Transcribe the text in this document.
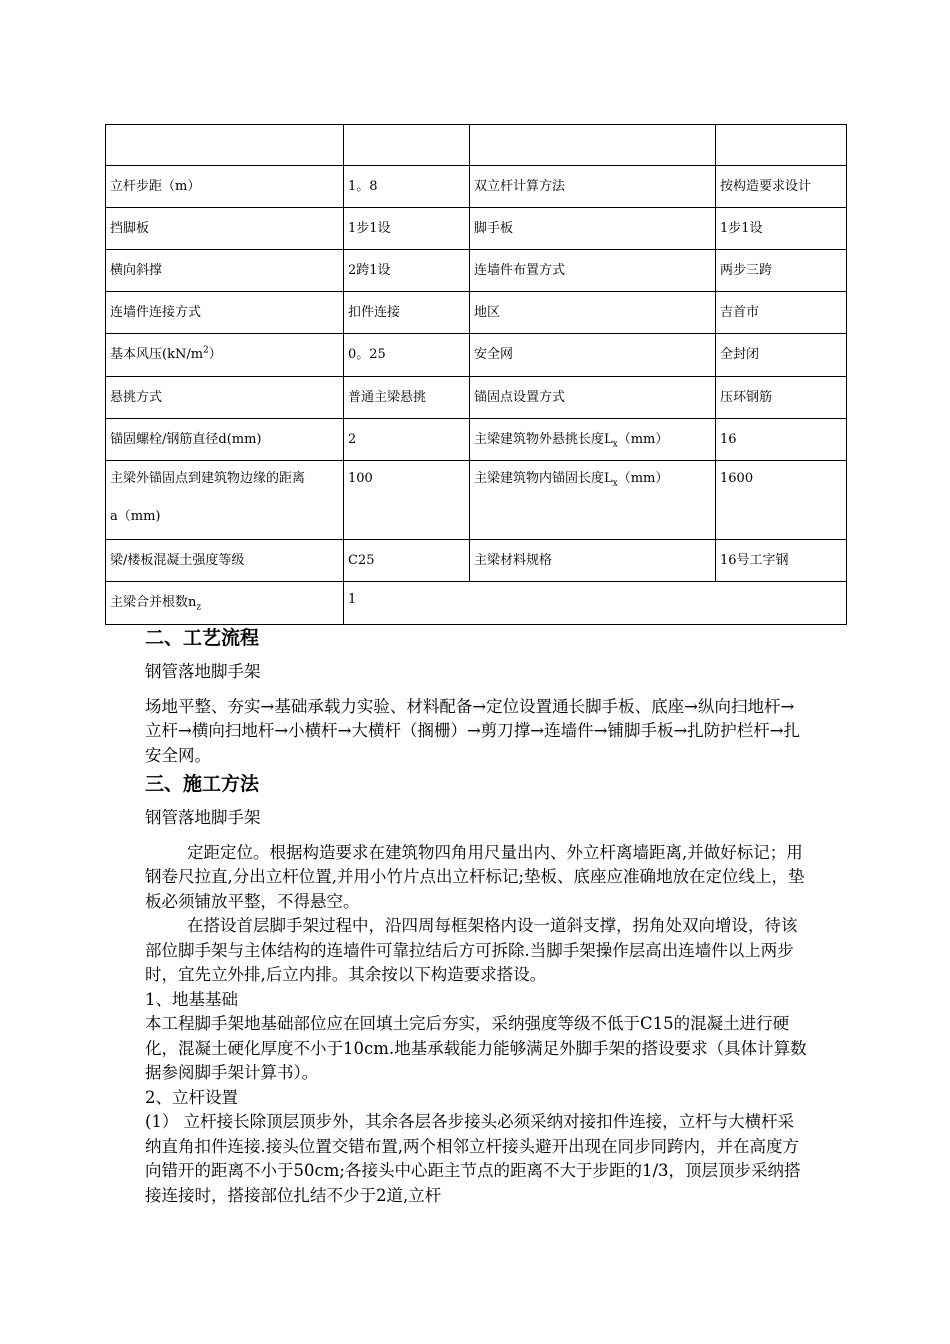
立杆步距（m）	1。8	双立杆计算方法	按构造要求设计
挡脚板	1步1设	脚手板	1步1设
横向斜撑	2跨1设	连墙件布置方式	两步三跨
连墙件连接方式	扣件连接	地区	吉首市
基本风压$(kN/m^2)$	0。25	安全网	全封闭
悬挑方式	普通主梁悬挑	锚固点设置方式	压环钢筋
锚固螺栓/钢筋直径d(mm)	2	主梁建筑物外悬挑长度$L_x(mm)$	16

主梁外锚固点到建筑物边缘的距离
a（mm)	100	主梁建筑物内锚固长度$L_x(mm)$	1600
梁/楼板混凝土强度等级	C25	主梁材料规格	16号工字钢
主梁合并根数$n_z$	1		
二、工艺流程

钢管落地脚手架

场地平整、夯实→基础承载力实验、材料配备→定位设置通长脚手板、底座→纵向扫地杆→立杆→横向扫地杆→小横杆→大横杆（搁栅）→剪刀撑→连墙件→铺脚手板→扎防护栏杆→扎安全网。

三、施工方法

钢管落地脚手架

定距定位。根据构造要求在建筑物四角用尺量出内、外立杆离墙距离,并做好标记；用钢卷尺拉直,分出立杆位置,并用小竹片点出立杆标记;垫板、底座应准确地放在定位线上，垫板必须铺放平整，不得悬空。

在搭设首层脚手架过程中，沿四周每框架格内设一道斜支撑，拐角处双向增设，待该部位脚手架与主体结构的连墙件可靠拉结后方可拆除.当脚手架操作层高出连墙件以上两步时，宜先立外排,后立内排。其余按以下构造要求搭设。

1、地基基础

本工程脚手架地基础部位应在回填土完后夯实，采纳强度等级不低于C15的混凝土进行硬化，混凝土硬化厚度不小于10cm.地基承载能力能够满足外脚手架的搭设要求（具体计算数据参阅脚手架计算书）。

2、立杆设置

(1） 立杆接长除顶层顶步外，其余各层各步接头必须采纳对接扣件连接，立杆与大横杆采纳直角扣件连接.接头位置交错布置,两个相邻立杆接头避开出现在同步同跨内，并在高度方向错开的距离不小于50cm;各接头中心距主节点的距离不大于步距的1/3，顶层顶步采纳搭接连接时，搭接部位扎结不少于2道,立杆
